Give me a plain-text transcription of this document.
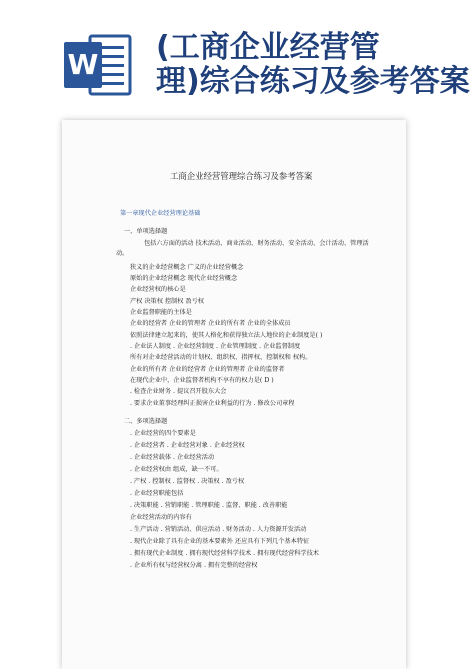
W (工商企业经营管
理)综合练习及参考答案
工商企业经营管理综合练习及参考答案
第一章现代企业经营理论基础
一、单项选择题
包括六方面的活动 技术活动、商业活动、财务活动、安全活动、会计活动、管理活
动。
狭义的企业经营概念 广义的企业经营概念
原始的企业经营概念 现代企业经营概念
企业经营权的核心是
产权 决策权 控制权 盈亏权
企业监督职能的主体是
企业的经营者 企业的管理者 企业的所有者 企业的全体成员
依照法律建立起来的，使其人格化和获得独立法人地位的企业制度是( )
. 企业法人制度 . 企业经营制度 . 企业管理制度 . 企业监督制度
所有对企业经营活动的计划权、组织权、指挥权、控制权和 权构。
企业的所有者 企业的经营者 企业的管理者 企业的监督者
在现代企业中，企业监督者机构不享有的权力是( D )
. 检查企业财务 . 提议召开股东大会
. 要求企业董事经理纠正损害企业利益的行为 . 修改公司章程
二、多项选择题
. 企业经营的四个要素是
. 企业经营者 . 企业经营对象 . 企业经营权
. 企业经营载体 . 企业经营活动
. 企业经营权由 组成，缺一不可。
. 产权 . 控制权 . 监督权 . 决策权 . 盈亏权
. 企业经营职能包括
. 决策职能 . 营销职能 . 管理职能 . 监督、职能 . 改善职能
企业经营活动的内容有
. 生产活动 . 营销活动、供应活动 . 财务活动 . 人力资源开发活动
. 现代企业除了具有企业的基本要素外 还应具有下列几个基本特征
. 拥有现代企业制度 . 拥有现代经营科学技术 . 拥有现代经营科学技术
. 企业所有权与经营权分离 . 拥有完整的经营权
